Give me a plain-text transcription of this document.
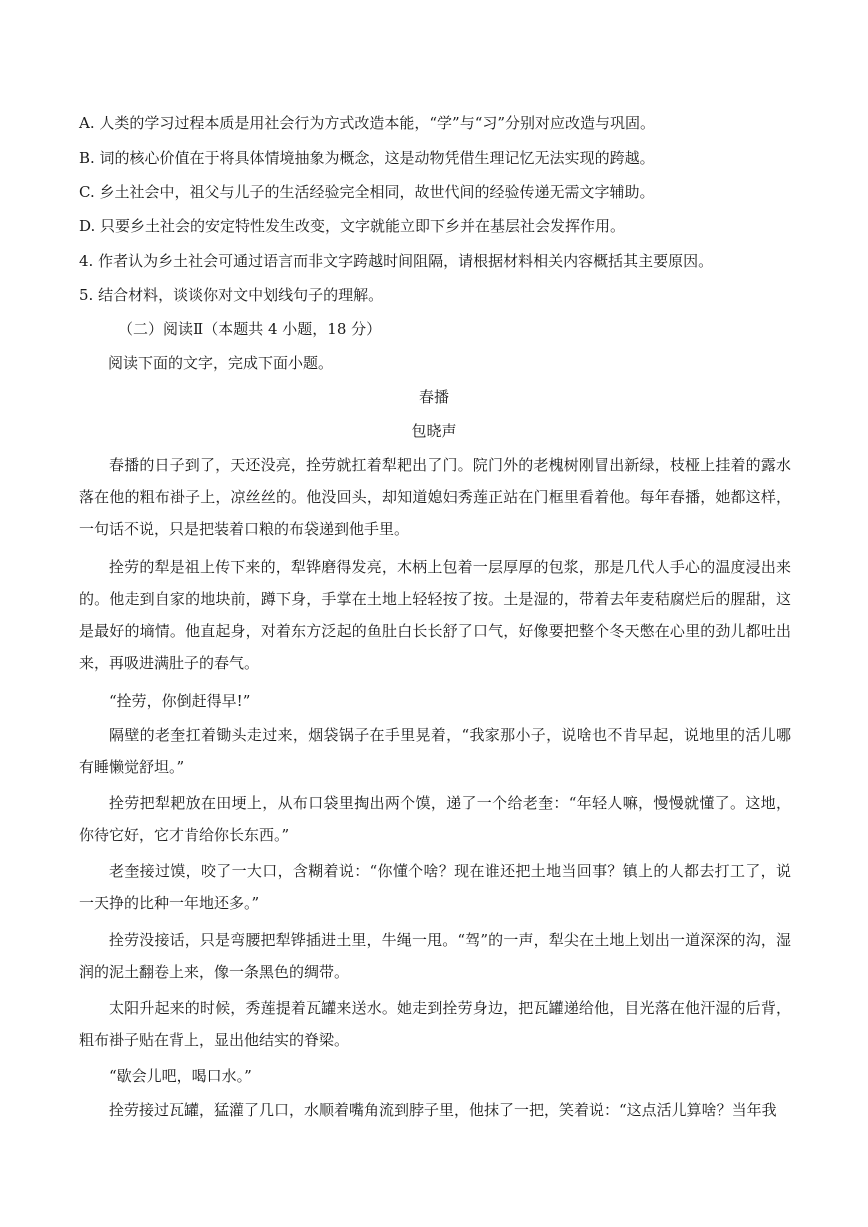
A. 人类的学习过程本质是用社会行为方式改造本能，“学”与“习”分别对应改造与巩固。
B. 词的核心价值在于将具体情境抽象为概念，这是动物凭借生理记忆无法实现的跨越。
C. 乡土社会中，祖父与儿子的生活经验完全相同，故世代间的经验传递无需文字辅助。
D. 只要乡土社会的安定特性发生改变，文字就能立即下乡并在基层社会发挥作用。
4. 作者认为乡土社会可通过语言而非文字跨越时间阻隔，请根据材料相关内容概括其主要原因。
5. 结合材料，谈谈你对文中划线句子的理解。
（二）阅读Ⅱ（本题共 4 小题，18 分）
阅读下面的文字，完成下面小题。
春播
包晓声
春播的日子到了，天还没亮，拴劳就扛着犁耙出了门。院门外的老槐树刚冒出新绿，枝桠上挂着的露水落在他的粗布褂子上，凉丝丝的。他没回头，却知道媳妇秀莲正站在门框里看着他。每年春播，她都这样，一句话不说，只是把装着口粮的布袋递到他手里。
拴劳的犁是祖上传下来的，犁铧磨得发亮，木柄上包着一层厚厚的包浆，那是几代人手心的温度浸出来的。他走到自家的地块前，蹲下身，手掌在土地上轻轻按了按。土是湿的，带着去年麦秸腐烂后的腥甜，这是最好的墒情。他直起身，对着东方泛起的鱼肚白长长舒了口气，好像要把整个冬天憋在心里的劲儿都吐出来，再吸进满肚子的春气。
“拴劳，你倒赶得早!”
隔壁的老奎扛着锄头走过来，烟袋锅子在手里晃着，“我家那小子，说啥也不肯早起，说地里的活儿哪有睡懒觉舒坦。”
拴劳把犁耙放在田埂上，从布口袋里掏出两个馍，递了一个给老奎：“年轻人嘛，慢慢就懂了。这地，你待它好，它才肯给你长东西。”
老奎接过馍，咬了一大口，含糊着说：“你懂个啥？现在谁还把土地当回事？镇上的人都去打工了，说一天挣的比种一年地还多。”
拴劳没接话，只是弯腰把犁铧插进土里，牛绳一甩。“驾”的一声，犁尖在土地上划出一道深深的沟，湿润的泥土翻卷上来，像一条黑色的绸带。
太阳升起来的时候，秀莲提着瓦罐来送水。她走到拴劳身边，把瓦罐递给他，目光落在他汗湿的后背，粗布褂子贴在背上，显出他结实的脊梁。
“歇会儿吧，喝口水。”
拴劳接过瓦罐，猛灌了几口，水顺着嘴角流到脖子里，他抹了一把，笑着说：“这点活儿算啥？当年我
